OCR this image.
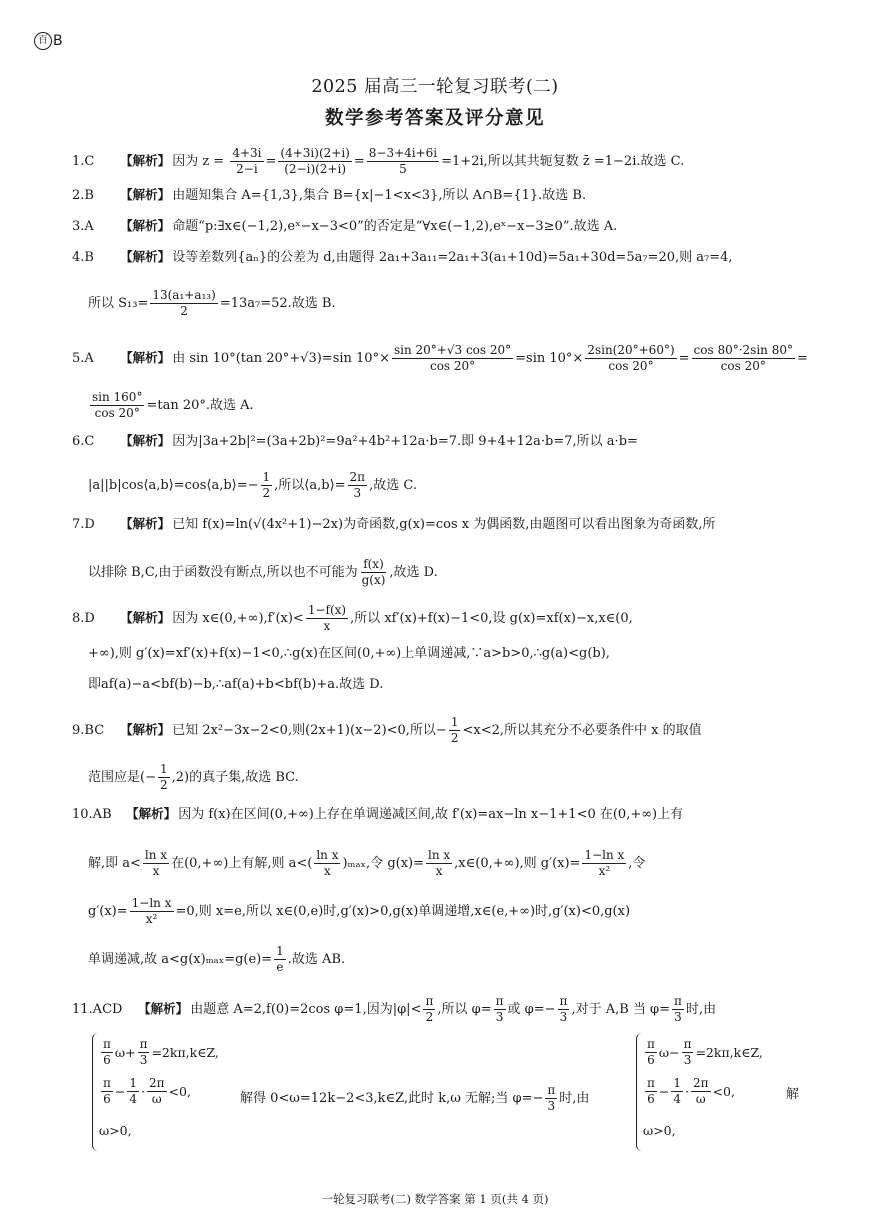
百 B
2025 届高三一轮复习联考(二)
数学参考答案及评分意见
1.C	【 解析 】 因为 $z = \frac{4+3i}{2-i} = \frac{(4+3i)(2+i)}{(2-i)(2+i)} = \frac{8-3+4i+6i}{5} =1+2i$,所以其共轭复数 z̄ =1−2i.故选 C.
2.B	【 解析 】 由题知集合 A={1,3},集合 B={x|−1<x<3},所以 A∩B={1}.故选 B.
3.A	【 解析 】 命题“p:∃x∈(−1,2),eˣ−x−3<0”的否定是“∀x∈(−1,2),eˣ−x−3≥0”.故选 A.
4.B	【 解析 】 设等差数列{aₙ}的公差为 d,由题得 2a₁+3a₁₁=2a₁+3(a₁+10d)=5a₁+30d=5a₇=20,则 a₇=4,
所以 $S_{13}= \frac{\text{13(a₁+a₁₃)}}{2} =13a_7=52$.故选 B.
5.A	【 解析 】 由 sin 10°(tan 20°+√3)=sin $10^\circ\times \frac{\sin 20^\circ+√3 \cos 20^\circ}{\cos 20^\circ} =\sin$ $10^\circ\times \frac{2\sin(20^\circ+60^\circ)}{\cos 20^\circ} = \frac{\cos 80^\circ\cdot 2\sin 80^\circ}{\cos 20^\circ}$ =
$\frac{\sin 160^\circ}{\cos 20^\circ} =\tan$ 20°.故选 A.
6.C	【 解析 】 因为|3a+2b|²=(3a+2b)²=9a²+4b²+12a·b=7.即 9+4+12a·b=7,所以 a·b=
|a||b|cos⟨a,b⟩=cos⟨a,b⟩=− $\frac{1}{2}$ ,所以⟨a,b⟩= $\frac{2\pi}{3}$ ,故选 C.
7.D	【 解析 】 已知 f(x)=ln(√(4x²+1)−2x)为奇函数,g(x)=cos x 为偶函数,由题图可以看出图象为奇函数,所
以排除 B,C,由于函数没有断点,所以也不可能为 $\frac{f(x)}{g(x)}$ ,故选 D.
8.D	【 解析 】 因为 x∈(0,+∞),f′(x)< $\frac{1-f(x)}{x}$ ,所以 xf′(x)+f(x)−1<0,设 g(x)=xf(x)−x,x∈(0,
+∞),则 g′(x)=xf′(x)+f(x)−1<0,∴g(x)在区间(0,+∞)上单调递减,∵a>b>0,∴g(a)<g(b),
即af(a)−a<bf(b)−b,∴af(a)+b<bf(b)+a.故选 D.
9.BC 【 解析 】 已知 2x²−3x−2<0,则(2x+1)(x−2)<0,所以− $\frac{1}{2} <x<2$,所以其充分不必要条件中 x 的取值
范围应是(− $\frac{1}{2} ,2$)的真子集,故选 BC.
10.AB 【 解析 】 因为 f(x)在区间(0,+∞)上存在单调递减区间,故 f′(x)=ax−ln x−1+1<0 在(0,+∞)上有
解,即 $a< \frac{\text{ln x}}{x}$ 在(0,+∞)上有解,则 $a<( \frac{\text{ln x}}{x} )_{max}$,令 $g(x)= \frac{\text{ln x}}{x}$ ,x∈(0,+∞),则 $g'(x)= \frac{\text{1−ln x}}{\text{x²}}$ ,令
$g'(x)= \frac{\text{1−ln x}}{\text{x²}} =0$,则 x=e,所以 x∈(0,e)时,g′(x)>0,g(x)单调递增,x∈(e,+∞)时,g′(x)<0,g(x)
单调递减,故 $a<g(x)_{max}=g(e)= \frac{1}{e}$ .故选 AB.
11.ACD 【 解析 】 由题意 A=2,f(0)=2cos φ=1,因为$|\varphi|< \frac{\pi}{2}$ ,所以 $\varphi= \frac{\pi}{3}$ 或 $\varphi=- \frac{\pi}{3}$ ,对于 A,B 当 $\varphi= \frac{\pi}{3}$ 时,由
$\frac{\pi}{6} \omega+ \frac{\pi}{3}$ =2kπ,k∈Z,
$\frac{\pi}{6} - \frac{1}{4} \cdot \frac{2\pi}{\omega} <0$,
ω>0,
解得 0<ω=12k−2<3,k∈Z,此时 k,ω 无解;当 $\varphi=- \frac{\pi}{3}$ 时,由
$\frac{\pi}{6} \omega- \frac{\pi}{3}$ =2kπ,k∈Z,
$\frac{\pi}{6} - \frac{1}{4} \cdot \frac{2\pi}{\omega} <0$,
ω>0,
解
一轮复习联考(二) 数学答案 第 1 页(共 4 页)
